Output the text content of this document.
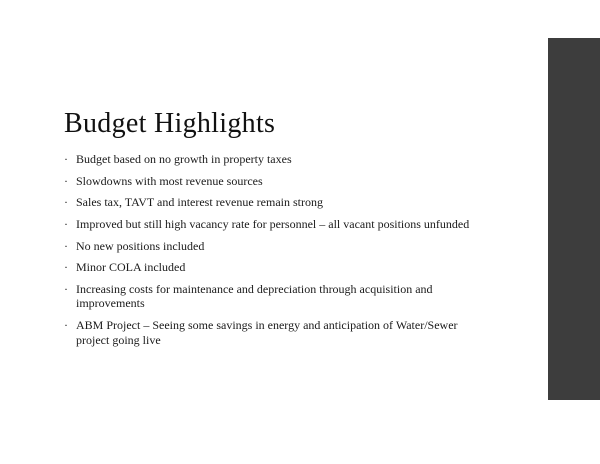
Budget Highlights
· Budget based on no growth in property taxes
· Slowdowns with most revenue sources
· Sales tax, TAVT and interest revenue remain strong
· Improved but still high vacancy rate for personnel – all vacant positions unfunded
· No new positions included
· Minor COLA included
· Increasing costs for maintenance and depreciation through acquisition and improvements
· ABM Project – Seeing some savings in energy and anticipation of Water/Sewer project going live
